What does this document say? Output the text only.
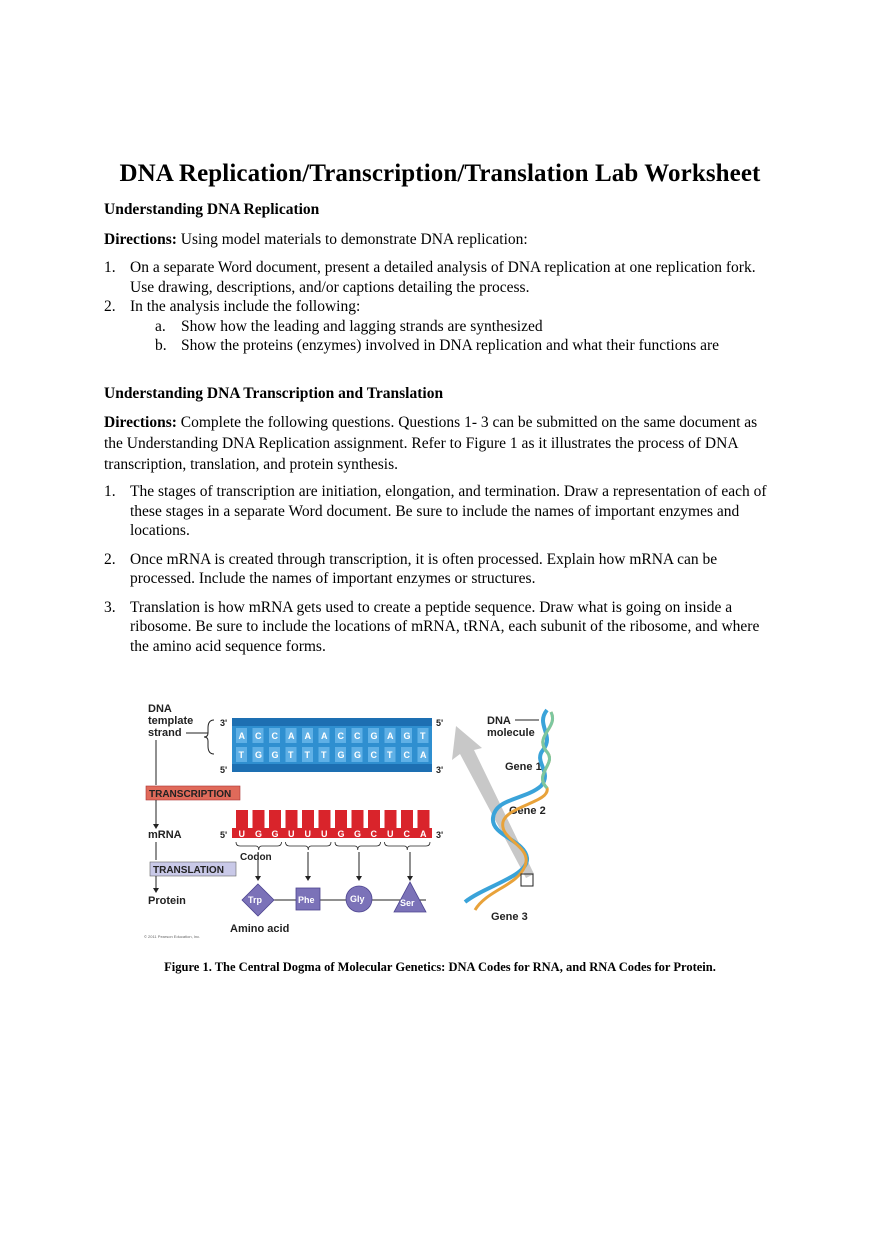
DNA Replication/Transcription/Translation Lab Worksheet
Understanding DNA Replication
Directions: Using model materials to demonstrate DNA replication:
1. On a separate Word document, present a detailed analysis of DNA replication at one replication fork. Use drawing, descriptions, and/or captions detailing the process.
2. In the analysis include the following:
a. Show how the leading and lagging strands are synthesized
b. Show the proteins (enzymes) involved in DNA replication and what their functions are
Understanding DNA Transcription and Translation
Directions: Complete the following questions. Questions 1- 3 can be submitted on the same document as the Understanding DNA Replication assignment. Refer to Figure 1 as it illustrates the process of DNA transcription, translation, and protein synthesis.
1. The stages of transcription are initiation, elongation, and termination. Draw a representation of each of these stages in a separate Word document. Be sure to include the names of important enzymes and locations.
2. Once mRNA is created through transcription, it is often processed. Explain how mRNA can be processed. Include the names of important enzymes or structures.
3. Translation is how mRNA gets used to create a peptide sequence. Draw what is going on inside a ribosome. Be sure to include the locations of mRNA, tRNA, each subunit of the ribosome, and where the amino acid sequence forms.
DNA
template
strand
3'
5'
5'
3'
A C C A A A C C G A G T
T G G T T T G G C T C A
TRANSCRIPTION
mRNA	5'	3'
U G G U U U G G C U C A
Codon
TRANSLATION
Protein	Trp	Phe	Gly	Ser
Amino acid
© 2011 Pearson Education, Inc.
DNA
molecule
Gene 1
Gene 2
Gene 3
Figure 1. The Central Dogma of Molecular Genetics: DNA Codes for RNA, and RNA Codes for Protein.
